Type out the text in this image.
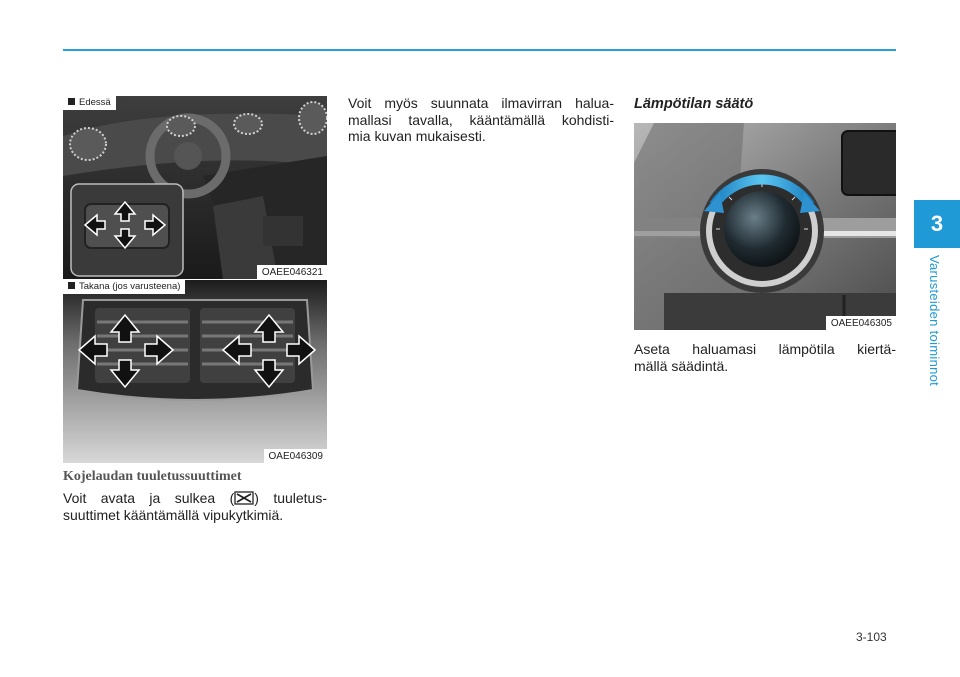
Edessä
OAEE046321
Takana (jos varusteena)
OAE046309
Kojelaudan tuuletussuuttimet
Voit avata ja sulkea ( ) tuuletus-
suuttimet kääntämällä vipukytkimiä.
Voit myös suunnata ilmavirran halua-
mallasi tavalla, kääntämällä kohdisti-
mia kuvan mukaisesti.
Lämpötilan säätö
OAEE046305
Aseta haluamasi lämpötila kiertä-
mällä säädintä.
3
Varusteiden toiminnot
3-103
